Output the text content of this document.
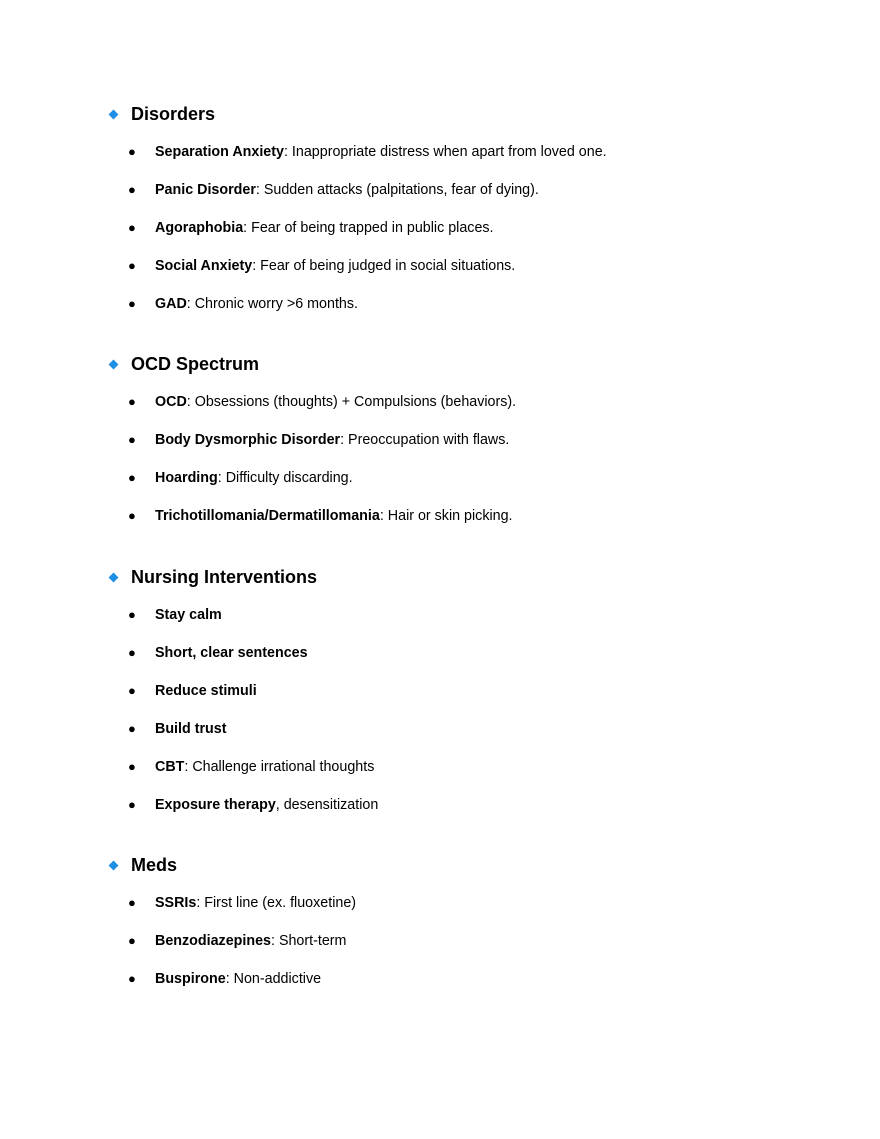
Disorders
●	Separation Anxiety : Inappropriate distress when apart from loved one.
●	Panic Disorder : Sudden attacks (palpitations, fear of dying).
●	Agoraphobia : Fear of being trapped in public places.
●	Social Anxiety : Fear of being judged in social situations.
●	GAD : Chronic worry >6 months.
OCD Spectrum
●	OCD : Obsessions (thoughts) + Compulsions (behaviors).
●	Body Dysmorphic Disorder : Preoccupation with flaws.
●	Hoarding : Difficulty discarding.
●	Trichotillomania/Dermatillomania : Hair or skin picking.
Nursing Interventions
●	Stay calm
●	Short, clear sentences
●	Reduce stimuli
●	Build trust
●	CBT : Challenge irrational thoughts
●	Exposure therapy , desensitization
Meds
●	SSRIs : First line (ex. fluoxetine)
●	Benzodiazepines : Short-term
●	Buspirone : Non-addictive
